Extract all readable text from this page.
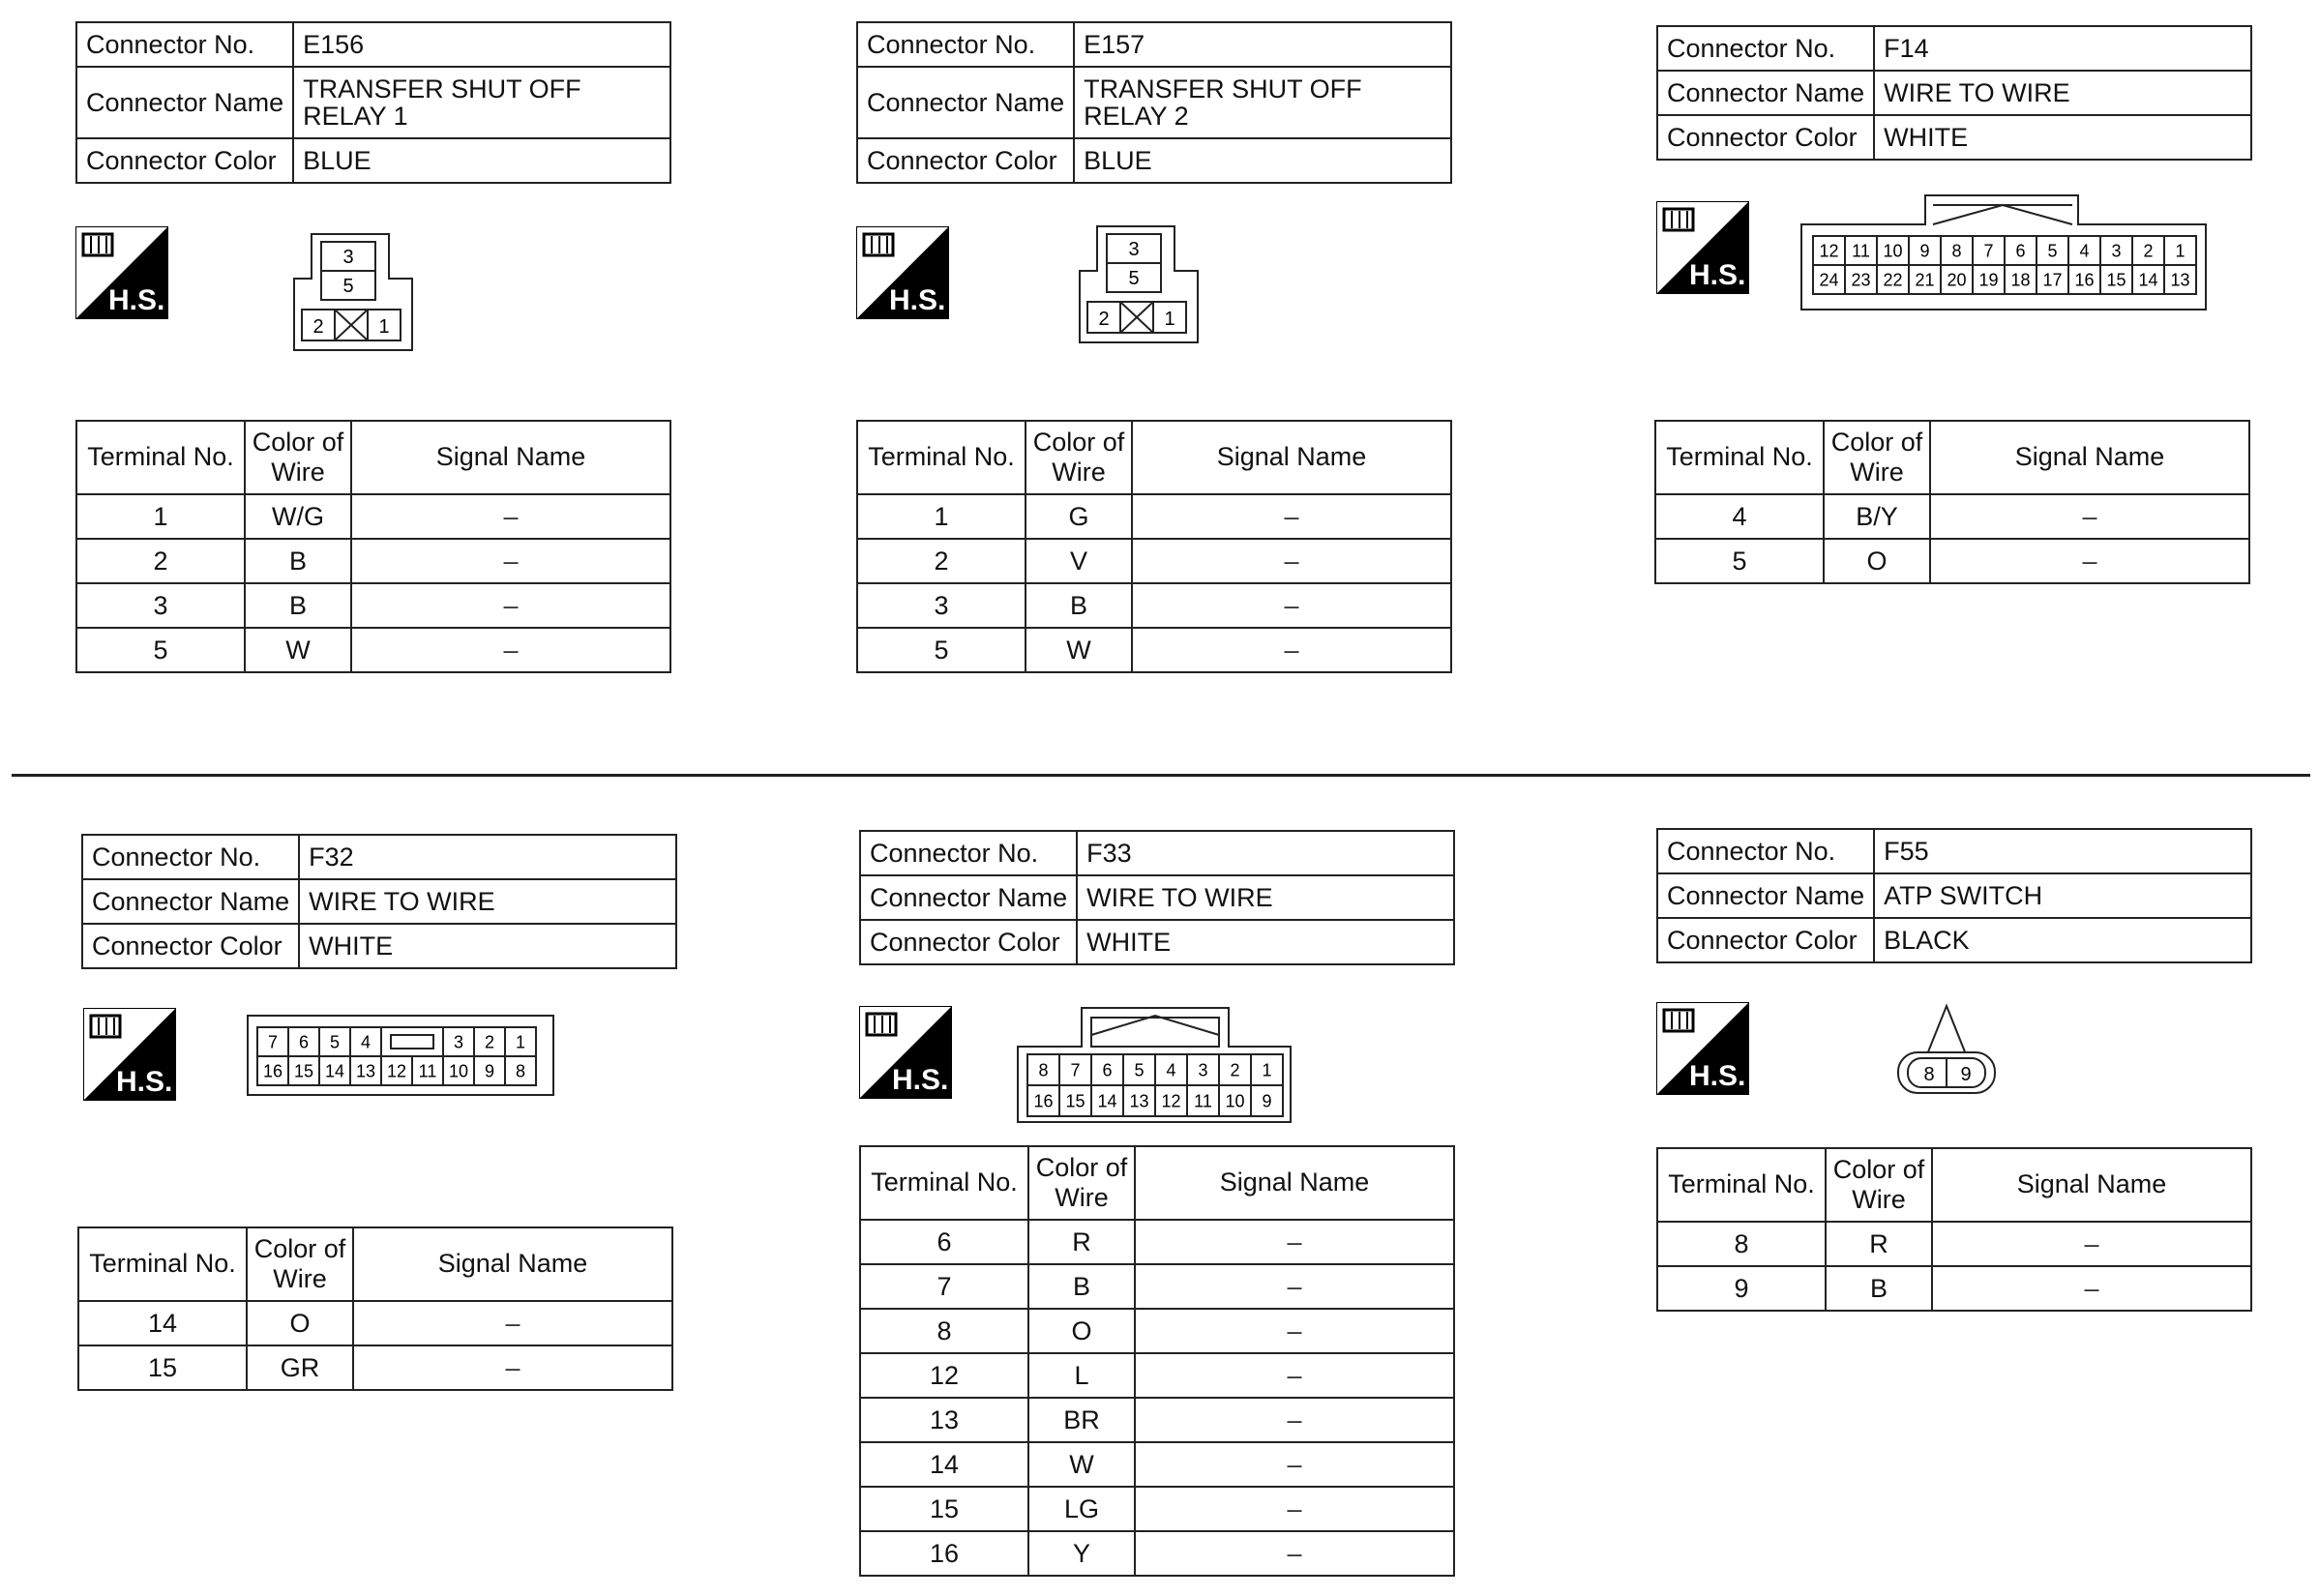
Connector No.	E156
Connector Name	TRANSFER SHUT OFF RELAY 1
Connector Color	BLUE
H.S.
3
5
2	1
Terminal No.	Color of Wire	Signal Name
1	W/G	–
2	B	–
3	B	–
5	W	–
Connector No.	E157
Connector Name	TRANSFER SHUT OFF RELAY 2
Connector Color	BLUE
H.S.
3
5
2	1
Terminal No.	Color of Wire	Signal Name
1	G	–
2	V	–
3	B	–
5	W	–
Connector No.	F14
Connector Name	WIRE TO WIRE
Connector Color	WHITE
H.S.
12 11 10 9 8 7 6 5 4 3 2 1
24 23 22 21 20 19 18 17 16 15 14 13
Terminal No.	Color of Wire	Signal Name
4	B/Y	–
5	O	–
Connector No.	F32
Connector Name	WIRE TO WIRE
Connector Color	WHITE
H.S.
7 6 5 4	3 2 1
16 15 14 13 12 11 10 9 8
Terminal No.	Color of Wire	Signal Name
14	O	–
15	GR	–
Connector No.	F33
Connector Name	WIRE TO WIRE
Connector Color	WHITE
H.S.	8 7 6 5 4 3 2 1
16 15 14 13 12 11 10 9
Terminal No.	Color of Wire	Signal Name
6	R	–
7	B	–
8	O	–
12	L	–
13	BR	–
14	W	–
15	LG	–
16	Y	–
Connector No.	F55
Connector Name	ATP SWITCH
Connector Color	BLACK
H.S.	8 9
Terminal No.	Color of Wire	Signal Name
8	R	–
9	B	–
